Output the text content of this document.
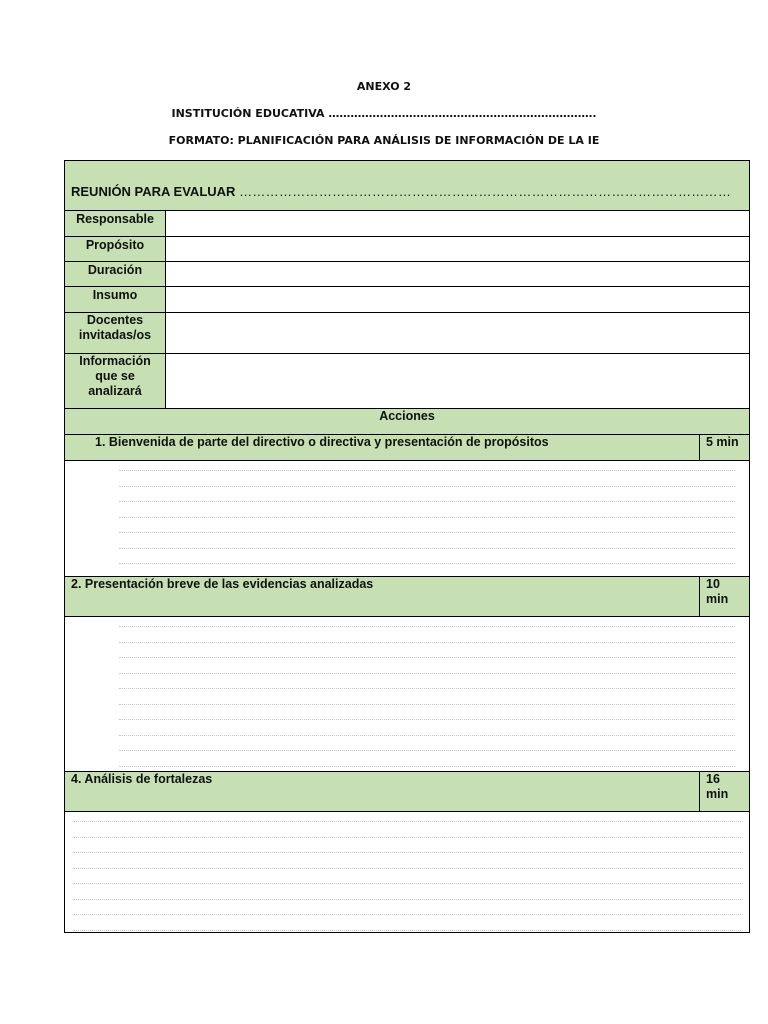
ANEXO 2
INSTITUCIÓN EDUCATIVA ……………………………………………………………….
FORMATO: PLANIFICACIÓN PARA ANÁLISIS DE INFORMACIÓN DE LA IE
REUNIÓN PARA EVALUAR …………………………………………………………………………………………………
Responsable
Propósito
Duración
Insumo
Docentes invitadas/os
Información que se analizará
Acciones
1. Bienvenida de parte del directivo o directiva y presentación de propósitos	5 min
2. Presentación breve de las evidencias analizadas	10 min
4. Análisis de fortalezas	16 min
